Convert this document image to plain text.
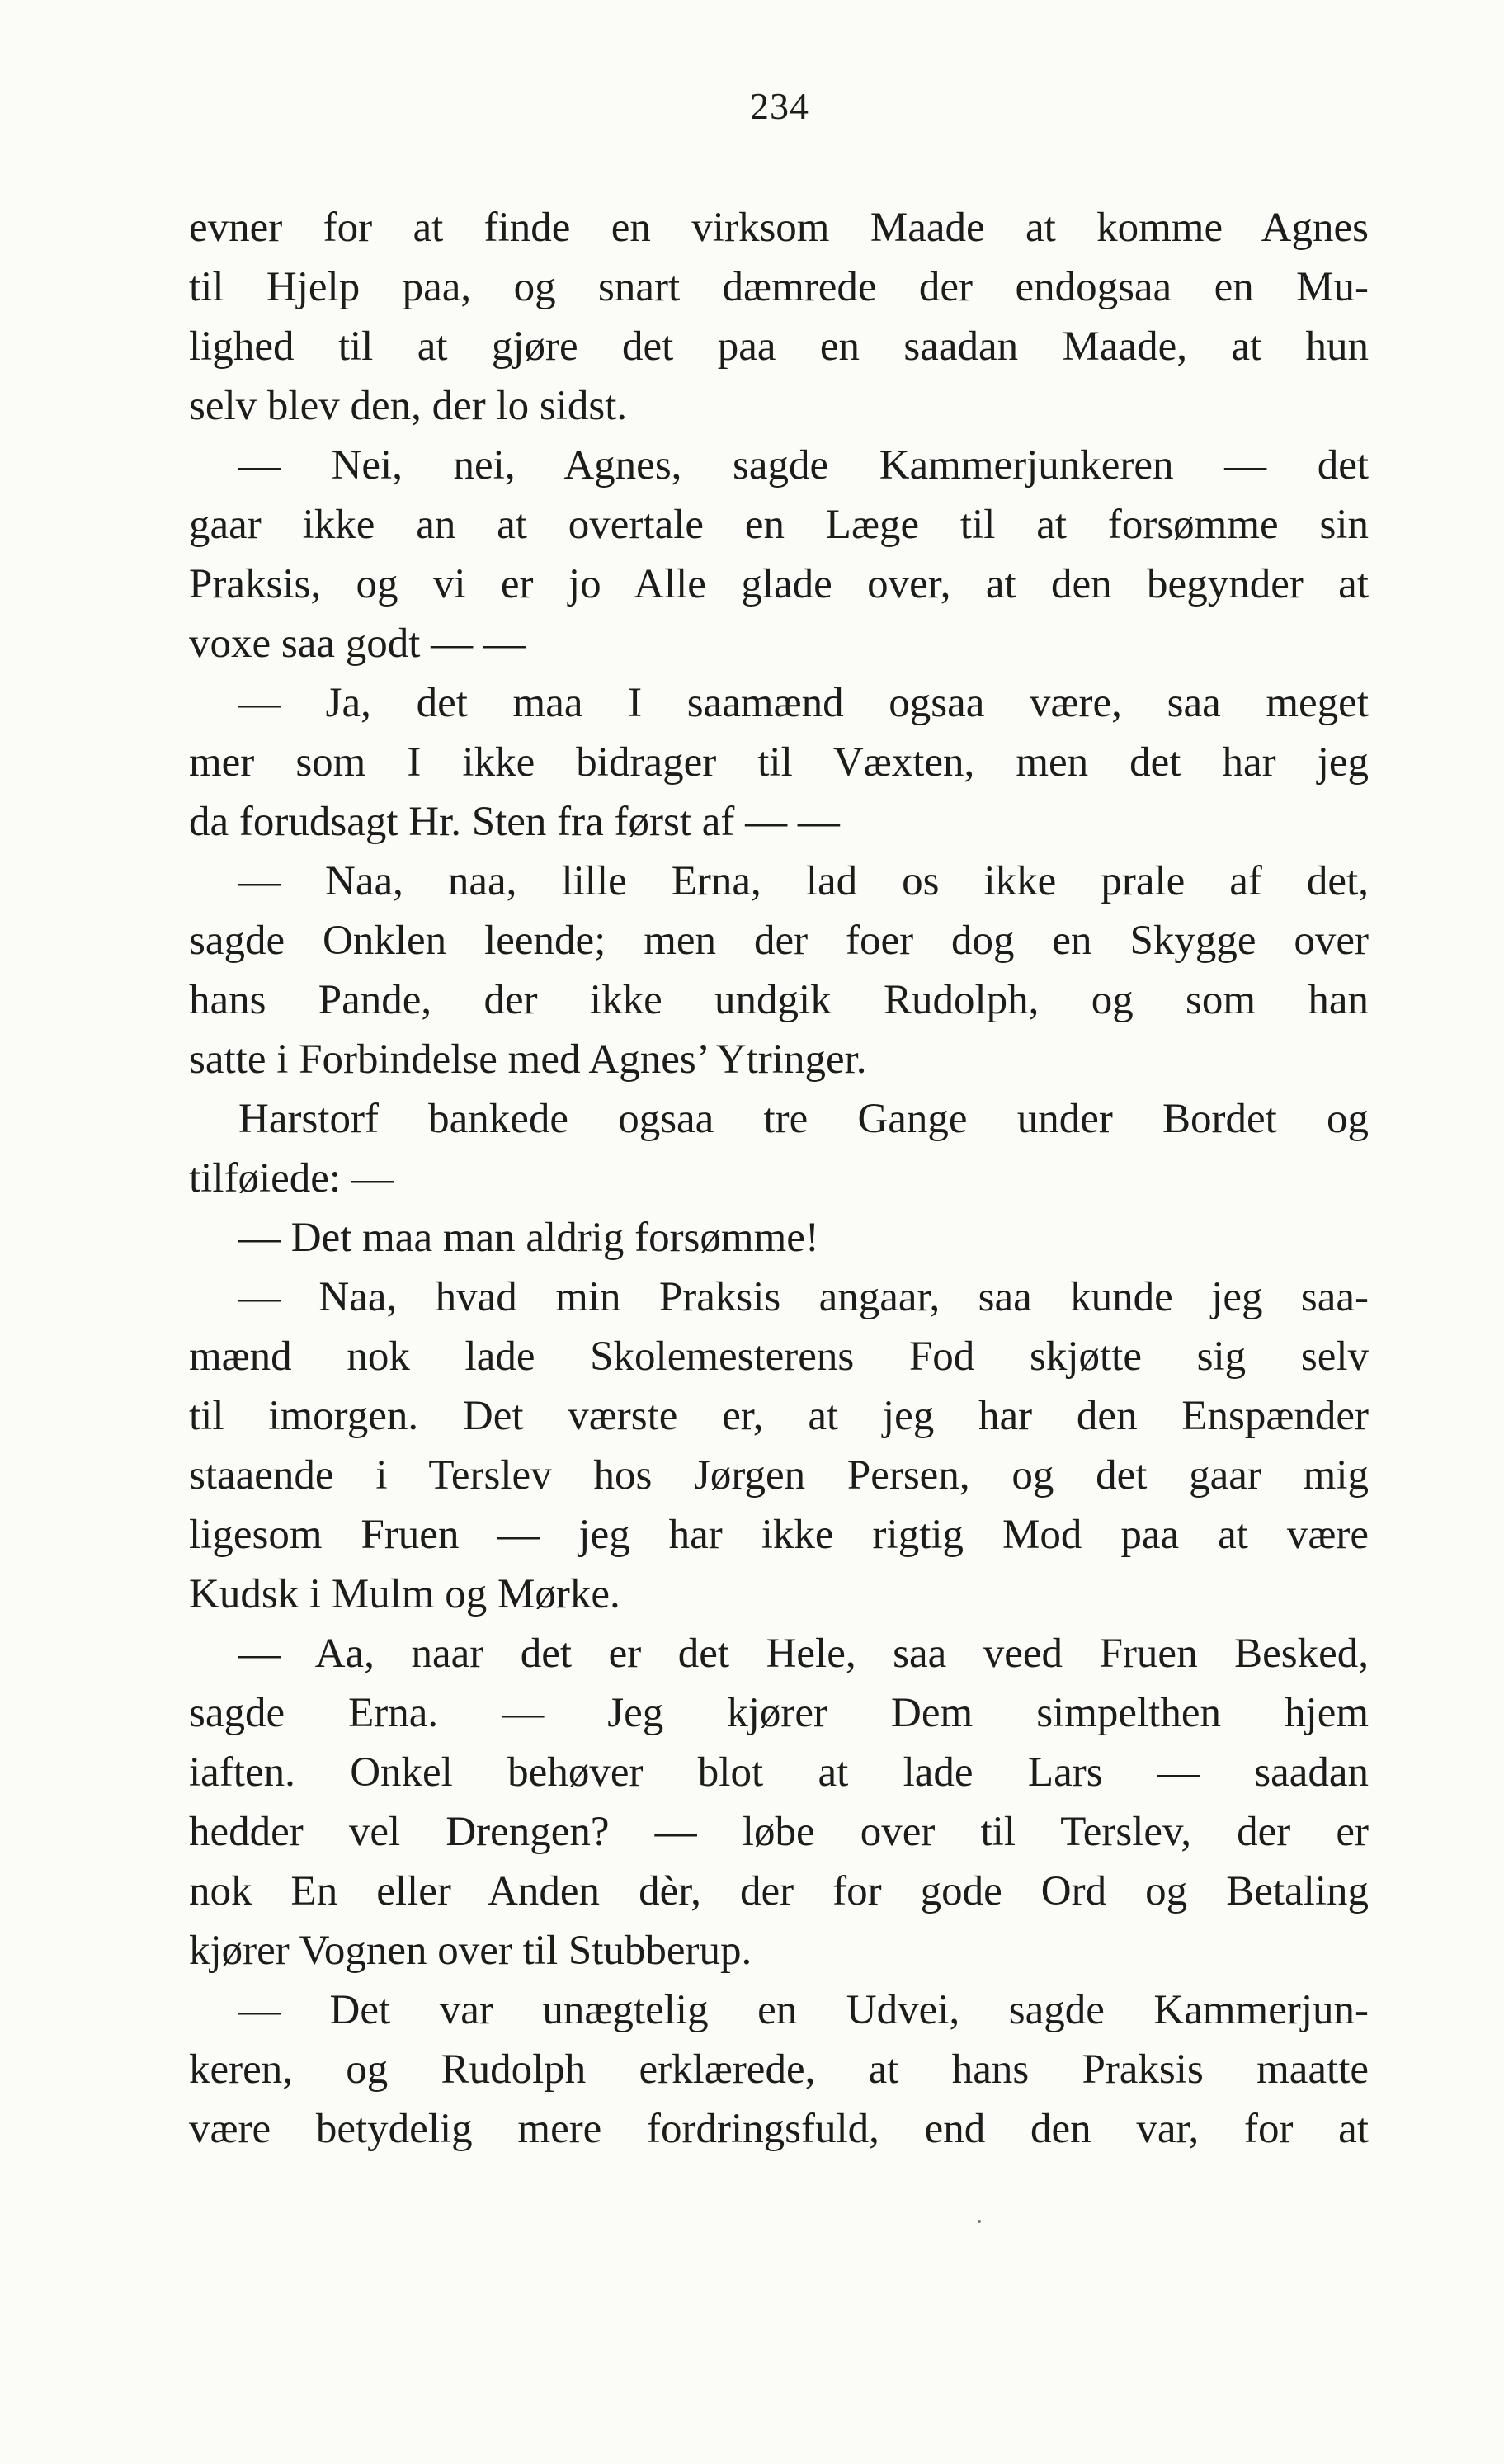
234
evner for at finde en virksom Maade at komme Agnes
til Hjelp paa, og snart dæmrede der endogsaa en Mu-
lighed til at gjøre det paa en saadan Maade, at hun
selv blev den, der lo sidst.
— Nei, nei, Agnes, sagde Kammerjunkeren — det
gaar ikke an at overtale en Læge til at forsømme sin
Praksis, og vi er jo Alle glade over, at den begynder at
voxe saa godt — —
— Ja, det maa I saamænd ogsaa være, saa meget
mer som I ikke bidrager til Væxten, men det har jeg
da forudsagt Hr. Sten fra først af — —
— Naa, naa, lille Erna, lad os ikke prale af det,
sagde Onklen leende; men der foer dog en Skygge over
hans Pande, der ikke undgik Rudolph, og som han
satte i Forbindelse med Agnes’ Ytringer.
Harstorf bankede ogsaa tre Gange under Bordet og
tilføiede: —
— Det maa man aldrig forsømme!
— Naa, hvad min Praksis angaar, saa kunde jeg saa-
mænd nok lade Skolemesterens Fod skjøtte sig selv
til imorgen. Det værste er, at jeg har den Enspænder
staaende i Terslev hos Jørgen Persen, og det gaar mig
ligesom Fruen — jeg har ikke rigtig Mod paa at være
Kudsk i Mulm og Mørke.
— Aa, naar det er det Hele, saa veed Fruen Besked,
sagde Erna. — Jeg kjører Dem simpelthen hjem
iaften. Onkel behøver blot at lade Lars — saadan
hedder vel Drengen? — løbe over til Terslev, der er
nok En eller Anden dèr, der for gode Ord og Betaling
kjører Vognen over til Stubberup.
— Det var unægtelig en Udvei, sagde Kammerjun-
keren, og Rudolph erklærede, at hans Praksis maatte
være betydelig mere fordringsfuld, end den var, for at
